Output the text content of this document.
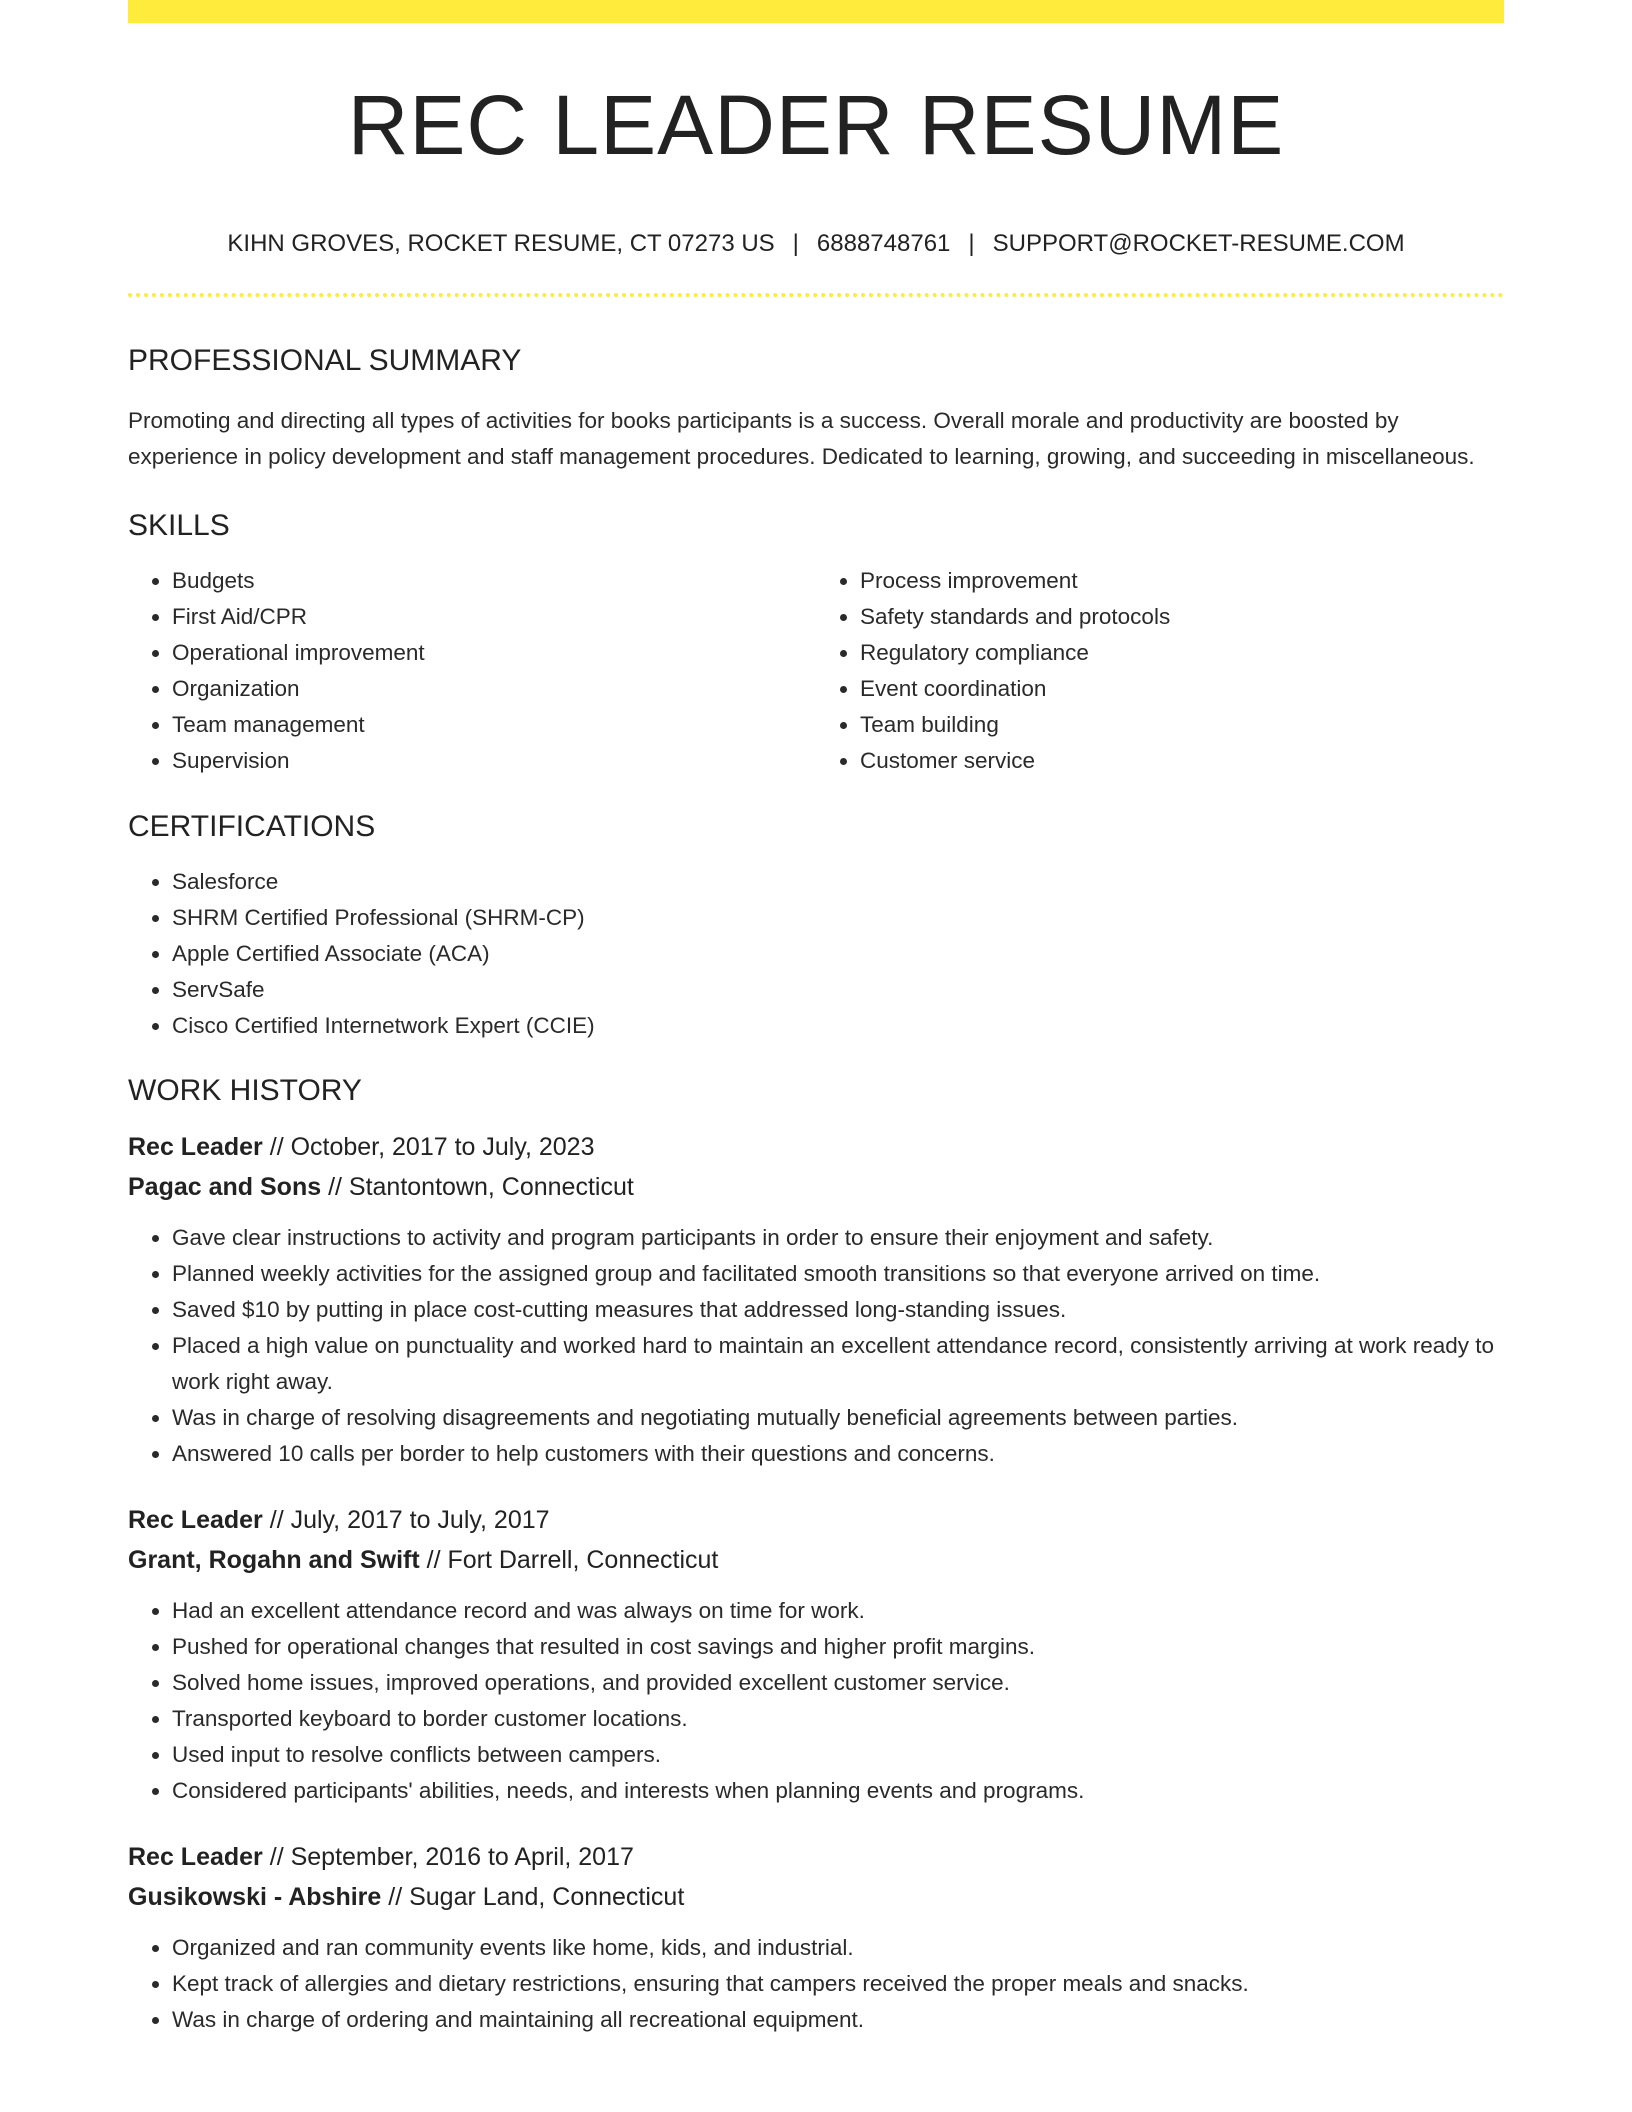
REC LEADER RESUME
KIHN GROVES, ROCKET RESUME, CT 07273 US | 6888748761 | SUPPORT@ROCKET-RESUME.COM
PROFESSIONAL SUMMARY
Promoting and directing all types of activities for books participants is a success. Overall morale and productivity are boosted by experience in policy development and staff management procedures. Dedicated to learning, growing, and succeeding in miscellaneous.
SKILLS
• Budgets
• First Aid/CPR
• Operational improvement
• Organization
• Team management
• Supervision
• Process improvement
• Safety standards and protocols
• Regulatory compliance
• Event coordination
• Team building
• Customer service
CERTIFICATIONS
• Salesforce
• SHRM Certified Professional (SHRM-CP)
• Apple Certified Associate (ACA)
• ServSafe
• Cisco Certified Internetwork Expert (CCIE)
WORK HISTORY
Rec Leader // October, 2017 to July, 2023
Pagac and Sons // Stantontown, Connecticut
• Gave clear instructions to activity and program participants in order to ensure their enjoyment and safety.
• Planned weekly activities for the assigned group and facilitated smooth transitions so that everyone arrived on time.
• Saved $10 by putting in place cost-cutting measures that addressed long-standing issues.
• Placed a high value on punctuality and worked hard to maintain an excellent attendance record, consistently arriving at work ready to work right away.
• Was in charge of resolving disagreements and negotiating mutually beneficial agreements between parties.
• Answered 10 calls per border to help customers with their questions and concerns.
Rec Leader // July, 2017 to July, 2017
Grant, Rogahn and Swift // Fort Darrell, Connecticut
• Had an excellent attendance record and was always on time for work.
• Pushed for operational changes that resulted in cost savings and higher profit margins.
• Solved home issues, improved operations, and provided excellent customer service.
• Transported keyboard to border customer locations.
• Used input to resolve conflicts between campers.
• Considered participants' abilities, needs, and interests when planning events and programs.
Rec Leader // September, 2016 to April, 2017
Gusikowski - Abshire // Sugar Land, Connecticut
• Organized and ran community events like home, kids, and industrial.
• Kept track of allergies and dietary restrictions, ensuring that campers received the proper meals and snacks.
• Was in charge of ordering and maintaining all recreational equipment.
